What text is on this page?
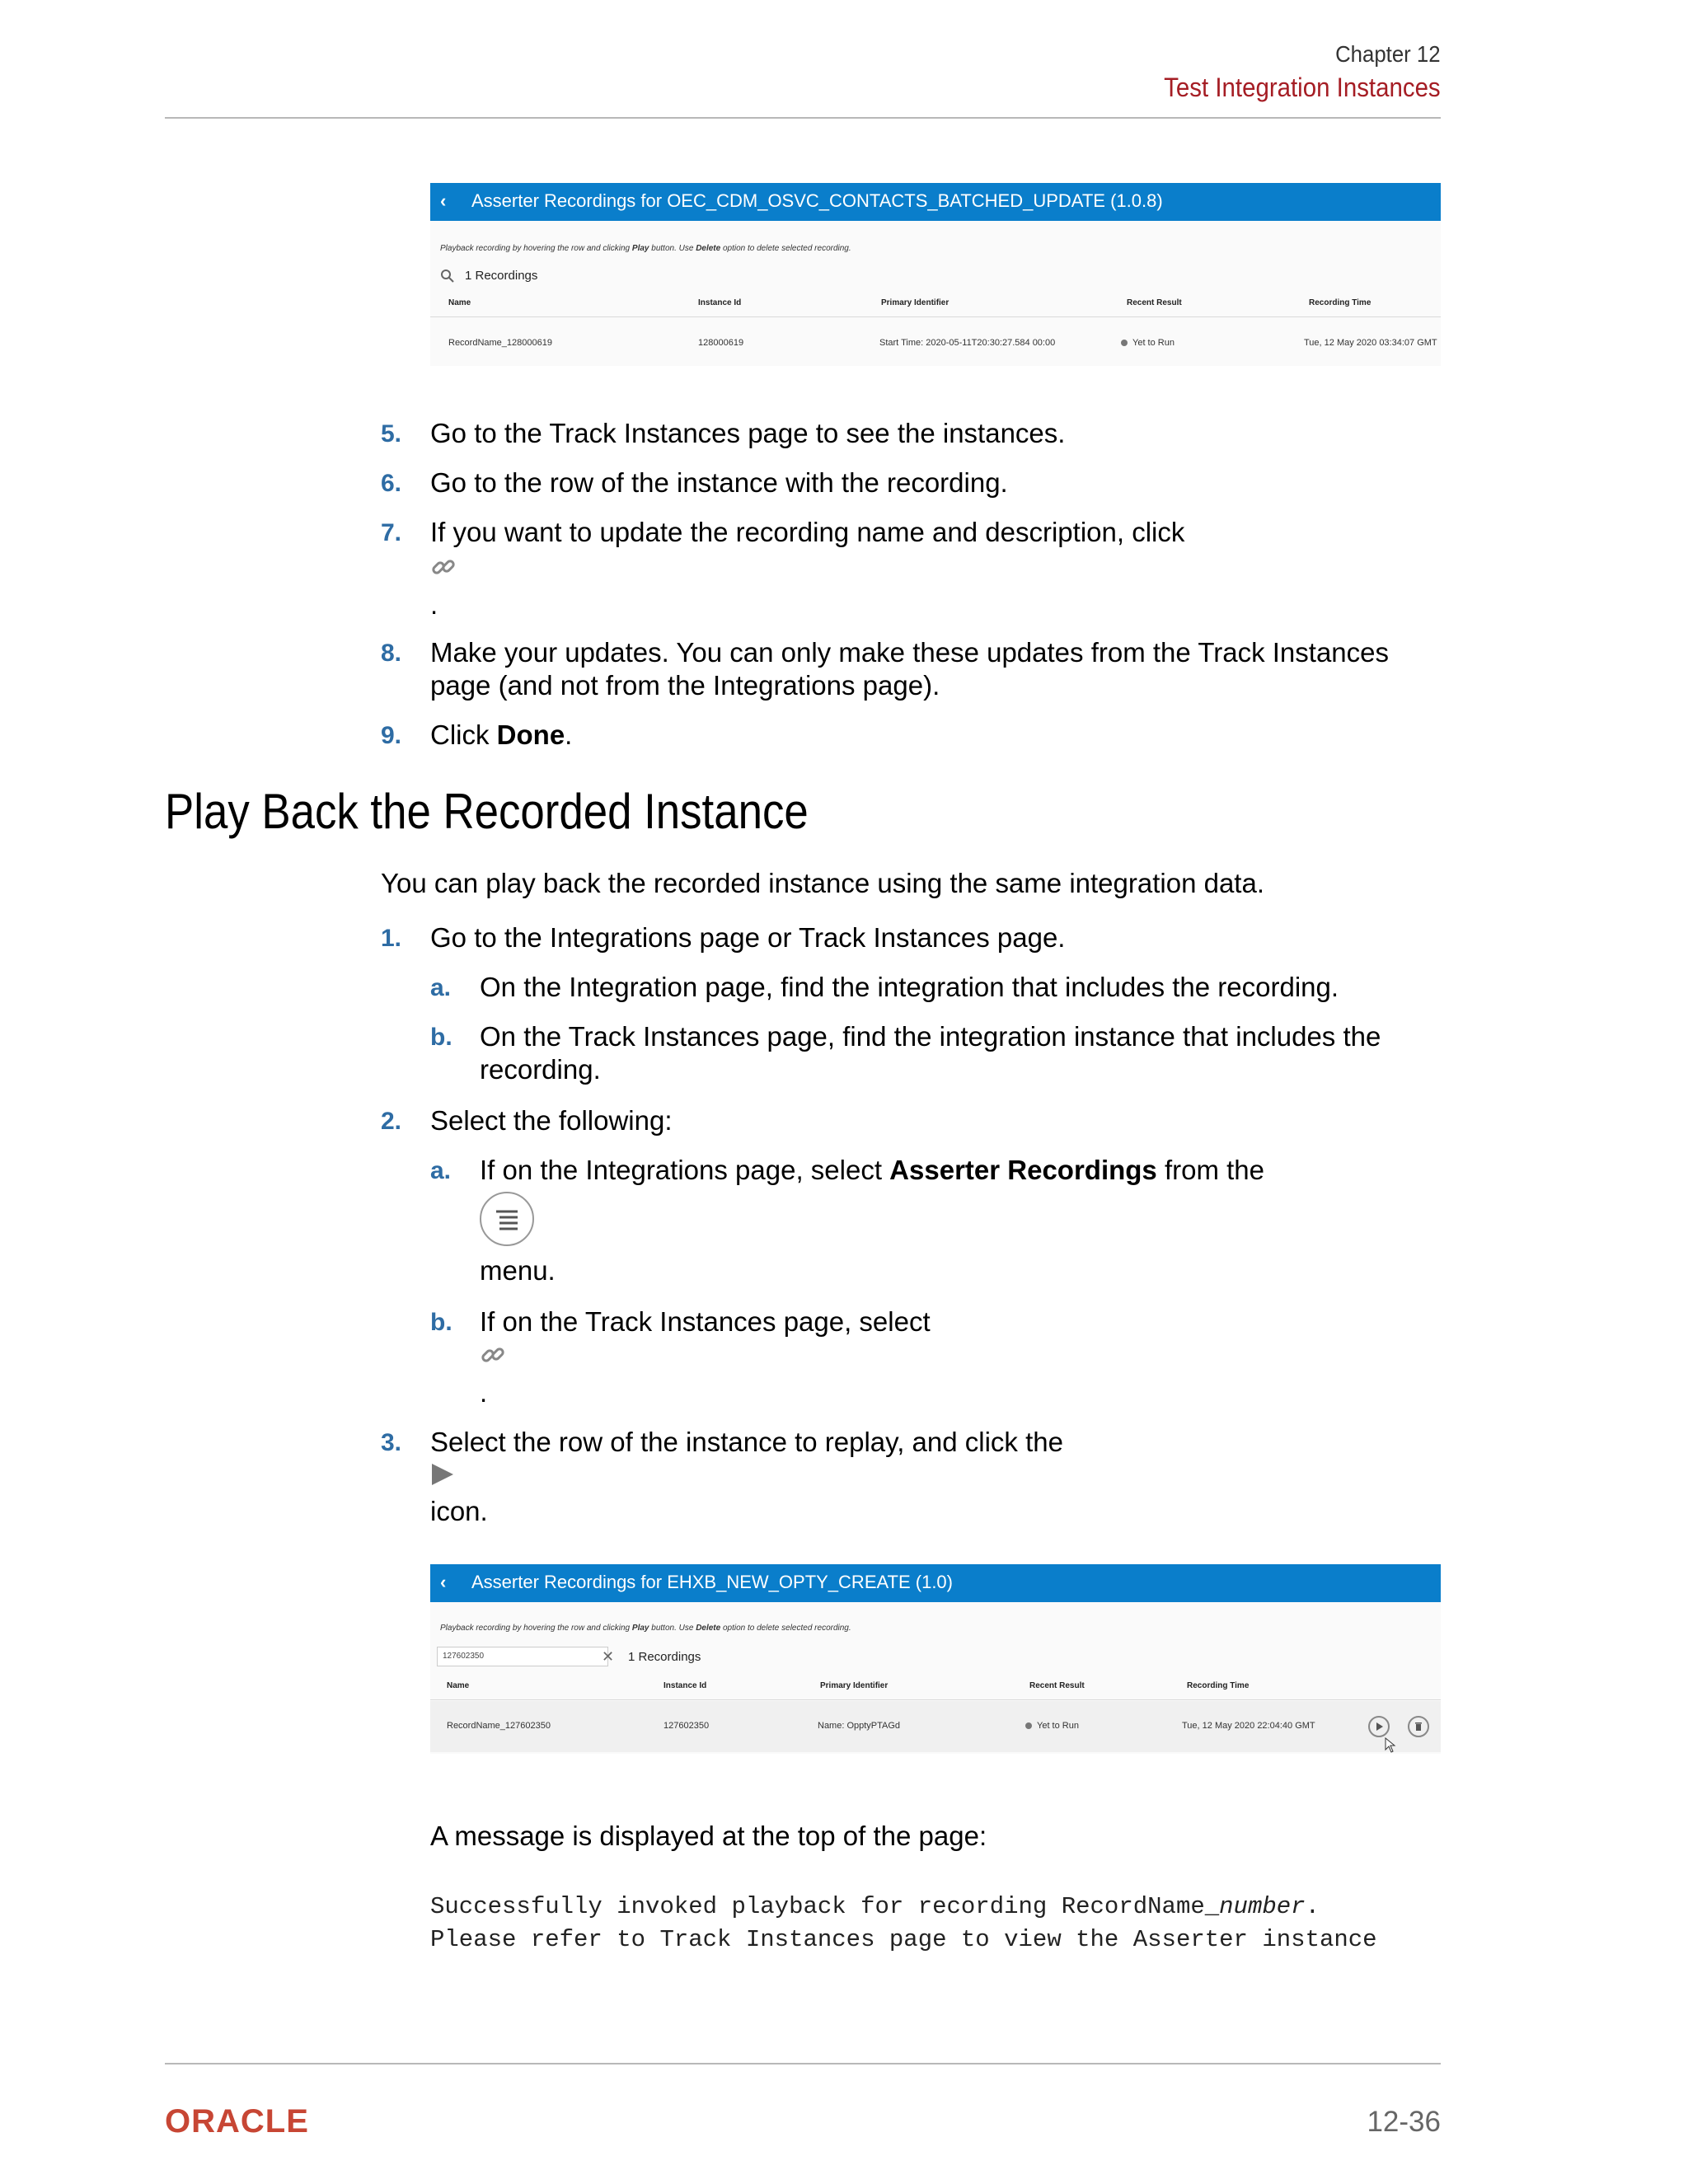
Chapter 12
Test Integration Instances
‹ Asserter Recordings for OEC_CDM_OSVC_CONTACTS_BATCHED_UPDATE (1.0.8)
Playback recording by hovering the row and clicking Play button. Use Delete option to delete selected recording.
1 Recordings
Name	Instance Id	Primary Identifier	Recent Result	Recording Time
RecordName_128000619	128000619	Start Time: 2020-05-11T20:30:27.584 00:00	Yet to Run	Tue, 12 May 2020 03:34:07 GMT
5. Go to the Track Instances page to see the instances.
6. Go to the row of the instance with the recording.
7. If you want to update the recording name and description, click
.
8. Make your updates. You can only make these updates from the Track Instances
page (and not from the Integrations page).
9. Click Done.
Play Back the Recorded Instance
You can play back the recorded instance using the same integration data.
1. Go to the Integrations page or Track Instances page.
a. On the Integration page, find the integration that includes the recording.
b. On the Track Instances page, find the integration instance that includes the
recording.
2. Select the following:
a. If on the Integrations page, select Asserter Recordings from the
menu.
b. If on the Track Instances page, select
.
3. Select the row of the instance to replay, and click the
icon.
‹ Asserter Recordings for EHXB_NEW_OPTY_CREATE (1.0)
Playback recording by hovering the row and clicking Play button. Use Delete option to delete selected recording.
127602350	✕ 1 Recordings
Name	Instance Id	Primary Identifier	Recent Result	Recording Time
RecordName_127602350	127602350	Name: OpptyPTAGd	Yet to Run	Tue, 12 May 2020 22:04:40 GMT
A message is displayed at the top of the page:
Successfully invoked playback for recording RecordName_number.
Please refer to Track Instances page to view the Asserter instance
ORACLE	12-36
